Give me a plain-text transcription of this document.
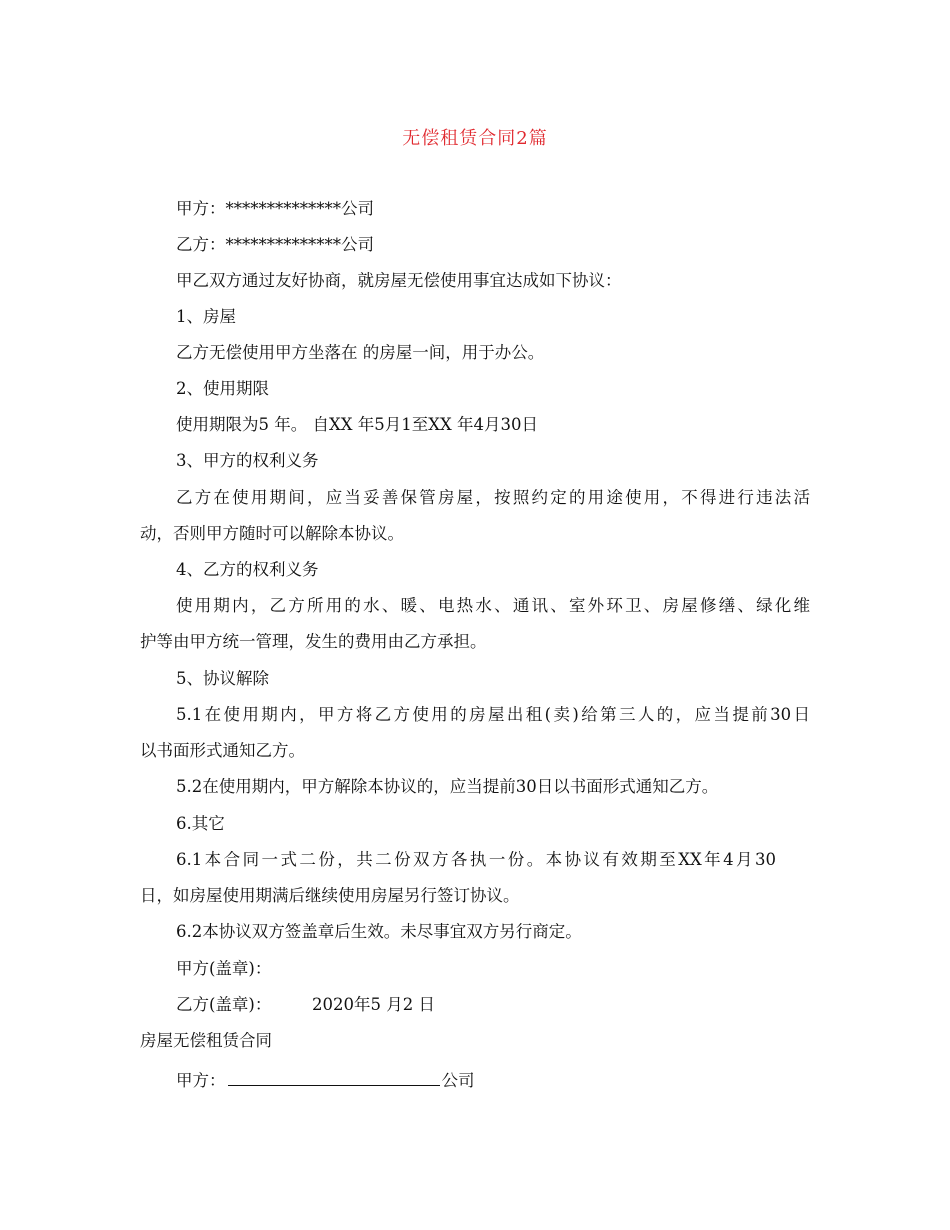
无偿租赁合同2篇
甲方：**************公司
乙方：**************公司
甲乙双方通过友好协商，就房屋无偿使用事宜达成如下协议：
1、房屋
乙方无偿使用甲方坐落在 的房屋一间，用于办公。
2、使用期限
使用期限为5 年。 自XX 年5月1至XX 年4月30日
3、甲方的权利义务
乙方在使用期间，应当妥善保管房屋，按照约定的用途使用，不得进行违法活
动，否则甲方随时可以解除本协议。
4、乙方的权利义务
使用期内，乙方所用的水、暖、电热水、通讯、室外环卫、房屋修缮、绿化维
护等由甲方统一管理，发生的费用由乙方承担。
5、协议解除
5.1在使用期内，甲方将乙方使用的房屋出租(卖)给第三人的，应当提前30日
以书面形式通知乙方。
5.2在使用期内，甲方解除本协议的，应当提前30日以书面形式通知乙方。
6.其它
6.1本合同一式二份，共二份双方各执一份。本协议有效期至XX年4月30
日，如房屋使用期满后继续使用房屋另行签订协议。
6.2本协议双方签盖章后生效。未尽事宜双方另行商定。
甲方(盖章)：
乙方(盖章)： 2020年5 月2 日
房屋无偿租赁合同
甲方：	公司
